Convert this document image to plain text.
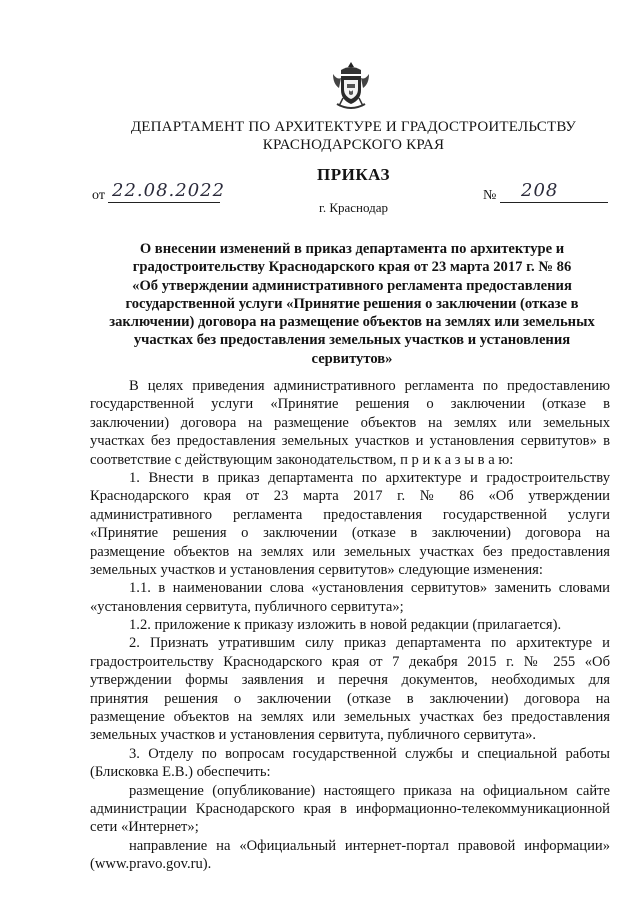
ДЕПАРТАМЕНТ ПО АРХИТЕКТУРЕ И ГРАДОСТРОИТЕЛЬСТВУ
КРАСНОДАРСКОГО КРАЯ
ПРИКАЗ
от 22.08.2022	№ 208
г. Краснодар
О внесении изменений в приказ департамента по архитектуре и
градостроительству Краснодарского края от 23 марта 2017 г. № 86
«Об утверждении административного регламента предоставления
государственной услуги «Принятие решения о заключении (отказе в
заключении) договора на размещение объектов на землях или земельных
участках без предоставления земельных участков и установления
сервитутов»
В целях приведения административного регламента по предоставлению
государственной услуги «Принятие решения о заключении (отказе в
заключении) договора на размещение объектов на землях или земельных
участках без предоставления земельных участков и установления сервитутов» в
соответствие с действующим законодательством, п р и к а з ы в а ю:
1. Внести в приказ департамента по архитектуре и градостроительству
Краснодарского края от 23 марта 2017 г. № 86 «Об утверждении
административного регламента предоставления государственной услуги
«Принятие решения о заключении (отказе в заключении) договора на
размещение объектов на землях или земельных участках без предоставления
земельных участков и установления сервитутов» следующие изменения:
1.1. в наименовании слова «установления сервитутов» заменить словами
«установления сервитута, публичного сервитута»;
1.2. приложение к приказу изложить в новой редакции (прилагается).
2. Признать утратившим силу приказ департамента по архитектуре и
градостроительству Краснодарского края от 7 декабря 2015 г. № 255 «Об
утверждении формы заявления и перечня документов, необходимых для
принятия решения о заключении (отказе в заключении) договора на
размещение объектов на землях или земельных участках без предоставления
земельных участков и установления сервитута, публичного сервитута».
3. Отделу по вопросам государственной службы и специальной работы
(Блисковка Е.В.) обеспечить:
размещение (опубликование) настоящего приказа на официальном сайте
администрации Краснодарского края в информационно-телекоммуникационной
сети «Интернет»;
направление на «Официальный интернет-портал правовой информации»
(www.pravo.gov.ru).
